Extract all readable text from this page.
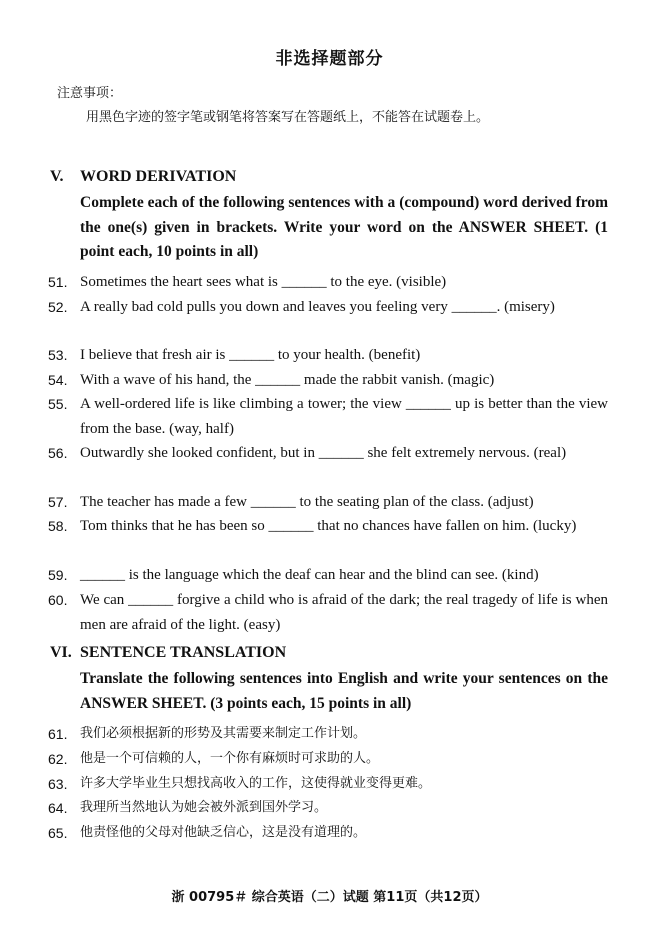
非选择题部分
注意事项：
用黑色字迹的签字笔或钢笔将答案写在答题纸上，不能答在试题卷上。
V. WORD DERIVATION
Complete each of the following sentences with a (compound) word derived from the one(s) given in brackets. Write your word on the ANSWER SHEET. (1 point each, 10 points in all)
51. Sometimes the heart sees what is ______ to the eye. (visible)
52. A really bad cold pulls you down and leaves you feeling very ______. (misery)
53. I believe that fresh air is ______ to your health. (benefit)
54. With a wave of his hand, the ______ made the rabbit vanish. (magic)
55. A well-ordered life is like climbing a tower; the view ______ up is better than the view from the base. (way, half)
56. Outwardly she looked confident, but in ______ she felt extremely nervous. (real)
57. The teacher has made a few ______ to the seating plan of the class. (adjust)
58. Tom thinks that he has been so ______ that no chances have fallen on him. (lucky)
59. ______ is the language which the deaf can hear and the blind can see. (kind)
60. We can ______ forgive a child who is afraid of the dark; the real tragedy of life is when men are afraid of the light. (easy)
VI. SENTENCE TRANSLATION
Translate the following sentences into English and write your sentences on the ANSWER SHEET. (3 points each, 15 points in all)
61. 我们必须根据新的形势及其需要来制定工作计划。
62. 他是一个可信赖的人，一个你有麻烦时可求助的人。
63. 许多大学毕业生只想找高收入的工作，这使得就业变得更难。
64. 我理所当然地认为她会被外派到国外学习。
65. 他责怪他的父母对他缺乏信心，这是没有道理的。
浙 00795＃ 综合英语（二）试题 第11页（共12页）
